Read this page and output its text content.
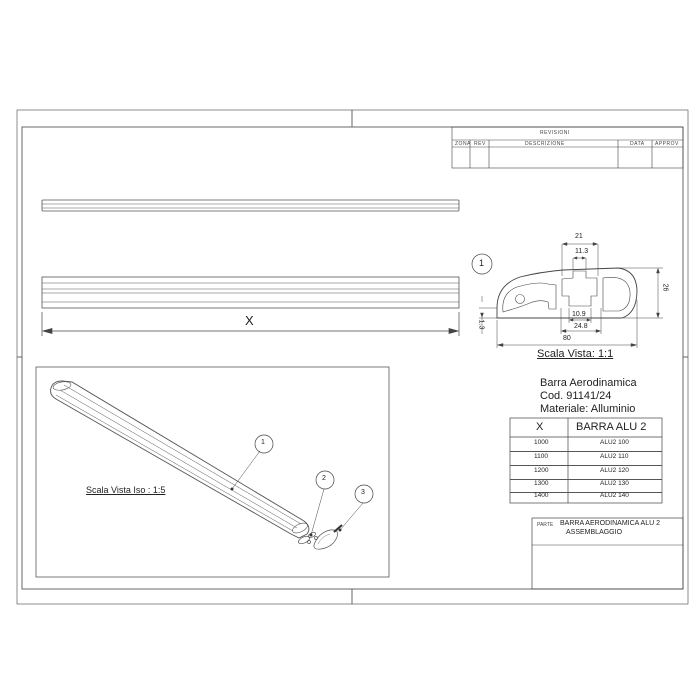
REVISIONI
ZONA REV	DESCRIZIONE	DATA APPROV
X
1
21
11.3
26
1.3
10.9
24.8
80
Scala Vista: 1:1
Scala Vista Iso : 1:5
1
2
3
Barra Aerodinamica
Cod. 91141/24
Materiale: Alluminio
X	BARRA ALU 2
1000	ALU2 100
1100	ALU2 110
1200	ALU2 120
1300	ALU2 130
1400	ALU2 140
PARTE BARRA AERODINAMICA ALU 2
ASSEMBLAGGIO
